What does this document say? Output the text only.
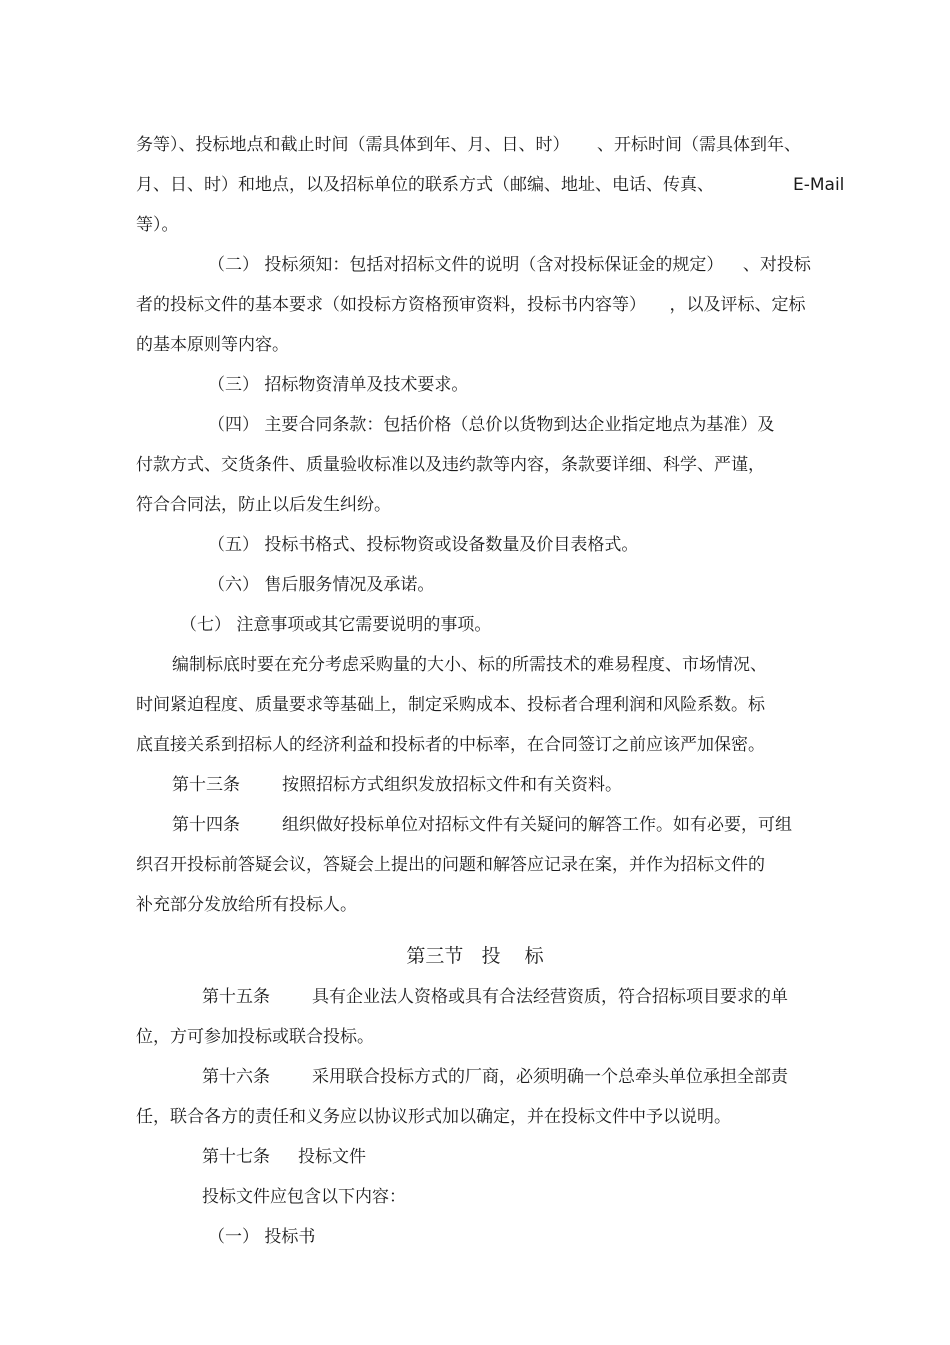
务等）、投标地点和截止时间（需具体到年、月、日、时） 、开标时间（需具体到年、
月、日、时）和地点，以及招标单位的联系方式（邮编、地址、电话、传真、	E-Mail
等）。
（二） 投标须知：包括对招标文件的说明（含对投标保证金的规定） 、对投标
者的投标文件的基本要求（如投标方资格预审资料，投标书内容等） ，以及评标、定标
的基本原则等内容。
（三） 招标物资清单及技术要求。
（四） 主要合同条款：包括价格（总价以货物到达企业指定地点为基准）及
付款方式、交货条件、质量验收标准以及违约款等内容，条款要详细、科学、严谨，
符合合同法，防止以后发生纠纷。
（五） 投标书格式、投标物资或设备数量及价目表格式。
（六） 售后服务情况及承诺。
（七） 注意事项或其它需要说明的事项。
编制标底时要在充分考虑采购量的大小、标的所需技术的难易程度、市场情况、
时间紧迫程度、质量要求等基础上，制定采购成本、投标者合理利润和风险系数。标
底直接关系到招标人的经济利益和投标者的中标率，在合同签订之前应该严加保密。
第十三条 按照招标方式组织发放招标文件和有关资料。
第十四条 组织做好投标单位对招标文件有关疑问的解答工作。如有必要，可组
织召开投标前答疑会议，答疑会上提出的问题和解答应记录在案，并作为招标文件的
补充部分发放给所有投标人。
第三节   投    标
第十五条 具有企业法人资格或具有合法经营资质，符合招标项目要求的单
位，方可参加投标或联合投标。
第十六条 采用联合投标方式的厂商，必须明确一个总牵头单位承担全部责
任，联合各方的责任和义务应以协议形式加以确定，并在投标文件中予以说明。
第十七条 投标文件
投标文件应包含以下内容：
（一） 投标书
